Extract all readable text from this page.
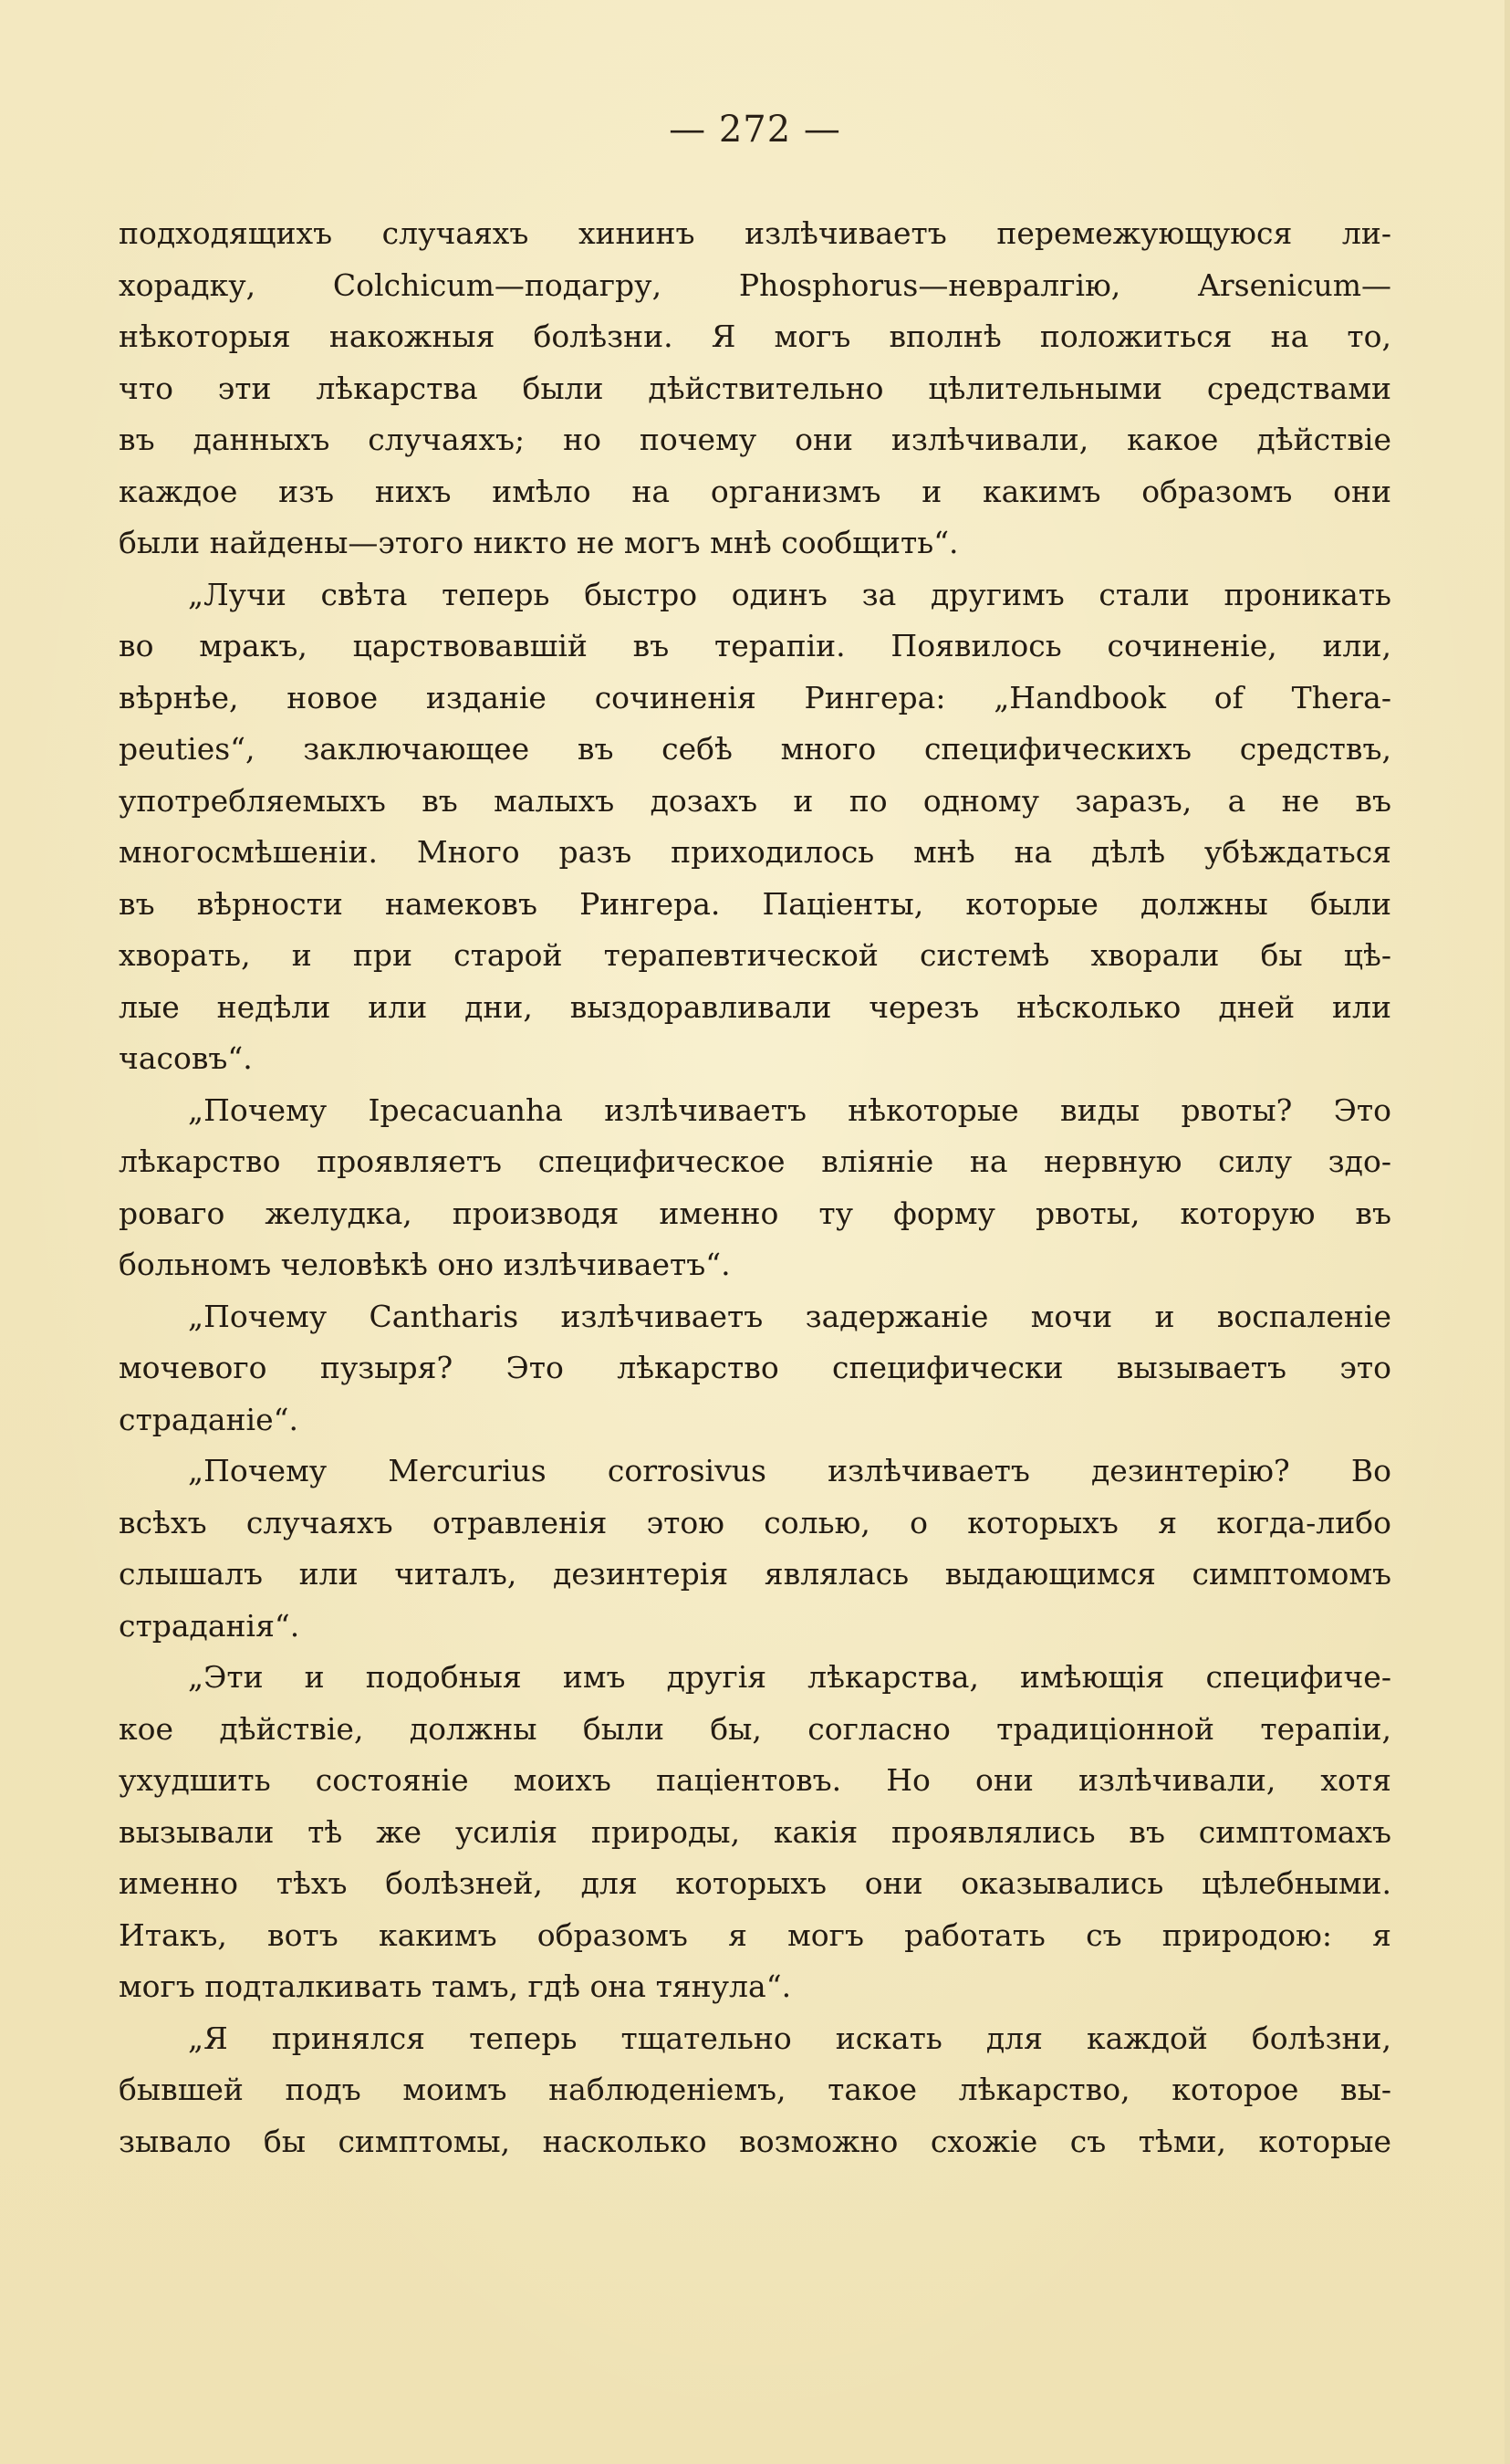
— 272 —
подходящихъ случаяхъ хининъ излѣчиваетъ перемежующуюся ли-
хорадку, Colchicum—подагру, Phosphorus—невралгію, Arsenicum—
нѣкоторыя накожныя болѣзни. Я могъ вполнѣ положиться на то,
что эти лѣкарства были дѣйствительно цѣлительными средствами
въ данныхъ случаяхъ; но почему они излѣчивали, какое дѣйствіе
каждое изъ нихъ имѣло на организмъ и какимъ образомъ они
были найдены—этого никто не могъ мнѣ сообщить“.
„Лучи свѣта теперь быстро одинъ за другимъ стали проникать
во мракъ, царствовавшій въ терапіи. Появилось сочиненіе, или,
вѣрнѣе, новое изданіе сочиненія Рингера: „Handbook of Thera-
peuties“, заключающее въ себѣ много специфическихъ средствъ,
употребляемыхъ въ малыхъ дозахъ и по одному заразъ, а не въ
многосмѣшеніи. Много разъ приходилось мнѣ на дѣлѣ убѣждаться
въ вѣрности намековъ Рингера. Паціенты, которые должны были
хворать, и при старой терапевтической системѣ хворали бы цѣ-
лые недѣли или дни, выздоравливали черезъ нѣсколько дней или
часовъ“.
„Почему Ipecacuanha излѣчиваетъ нѣкоторые виды рвоты? Это
лѣкарство проявляетъ специфическое вліяніе на нервную силу здо-
роваго желудка, производя именно ту форму рвоты, которую въ
больномъ человѣкѣ оно излѣчиваетъ“.
„Почему Cantharis излѣчиваетъ задержаніе мочи и воспаленіе
мочевого пузыря? Это лѣкарство специфически вызываетъ это
страданіе“.
„Почему Mercurius corrosivus излѣчиваетъ дезинтерію? Во
всѣхъ случаяхъ отравленія этою солью, о которыхъ я когда-либо
слышалъ или читалъ, дезинтерія являлась выдающимся симптомомъ
страданія“.
„Эти и подобныя имъ другія лѣкарства, имѣющія специфиче-
кое дѣйствіе, должны были бы, согласно традиціонной терапіи,
ухудшить состояніе моихъ паціентовъ. Но они излѣчивали, хотя
вызывали тѣ же усилія природы, какія проявлялись въ симптомахъ
именно тѣхъ болѣзней, для которыхъ они оказывались цѣлебными.
Итакъ, вотъ какимъ образомъ я могъ работать съ природою: я
могъ подталкивать тамъ, гдѣ она тянула“.
„Я принялся теперь тщательно искать для каждой болѣзни,
бывшей подъ моимъ наблюденіемъ, такое лѣкарство, которое вы-
зывало бы симптомы, насколько возможно схожіе съ тѣми, которые
